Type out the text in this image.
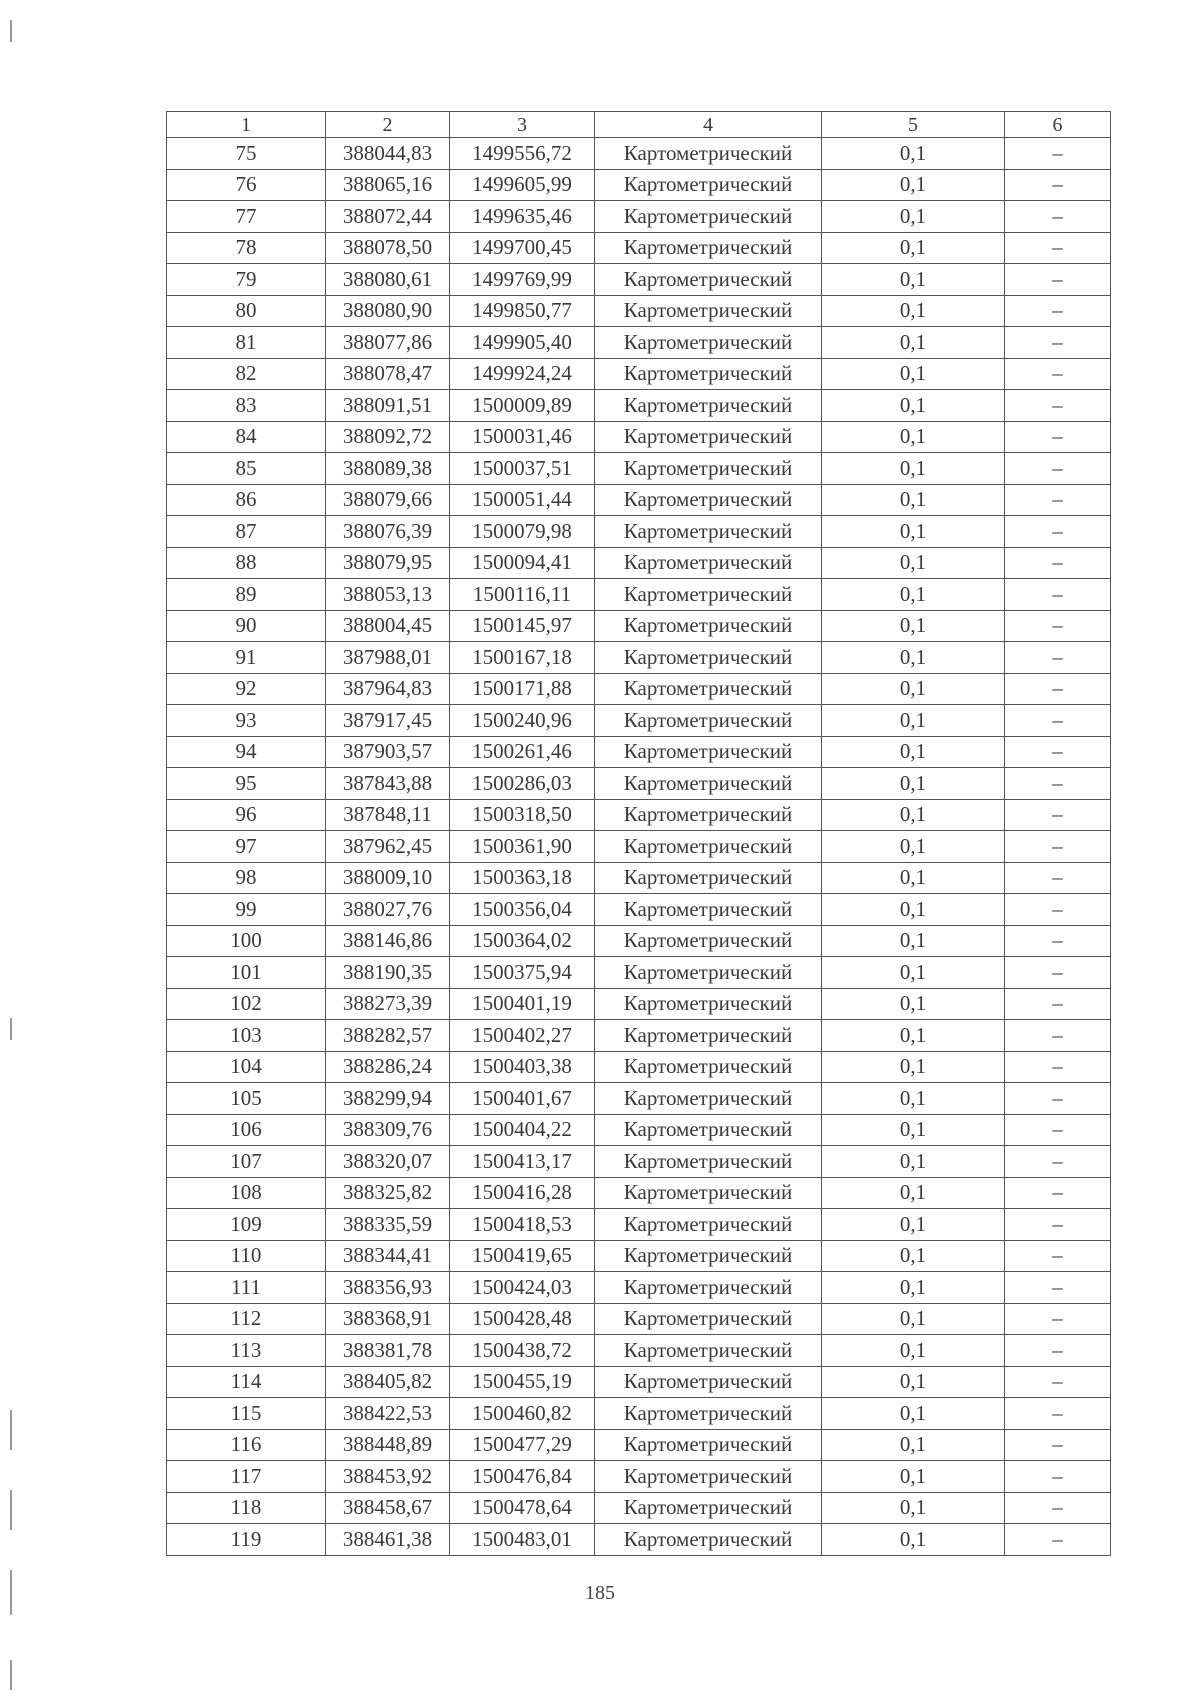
1	2	3	4	5	6
75	388044,83	1499556,72	Картометрический	0,1	–
76	388065,16	1499605,99	Картометрический	0,1	–
77	388072,44	1499635,46	Картометрический	0,1	–
78	388078,50	1499700,45	Картометрический	0,1	–
79	388080,61	1499769,99	Картометрический	0,1	–
80	388080,90	1499850,77	Картометрический	0,1	–
81	388077,86	1499905,40	Картометрический	0,1	–
82	388078,47	1499924,24	Картометрический	0,1	–
83	388091,51	1500009,89	Картометрический	0,1	–
84	388092,72	1500031,46	Картометрический	0,1	–
85	388089,38	1500037,51	Картометрический	0,1	–
86	388079,66	1500051,44	Картометрический	0,1	–
87	388076,39	1500079,98	Картометрический	0,1	–
88	388079,95	1500094,41	Картометрический	0,1	–
89	388053,13	1500116,11	Картометрический	0,1	–
90	388004,45	1500145,97	Картометрический	0,1	–
91	387988,01	1500167,18	Картометрический	0,1	–
92	387964,83	1500171,88	Картометрический	0,1	–
93	387917,45	1500240,96	Картометрический	0,1	–
94	387903,57	1500261,46	Картометрический	0,1	–
95	387843,88	1500286,03	Картометрический	0,1	–
96	387848,11	1500318,50	Картометрический	0,1	–
97	387962,45	1500361,90	Картометрический	0,1	–
98	388009,10	1500363,18	Картометрический	0,1	–
99	388027,76	1500356,04	Картометрический	0,1	–
100	388146,86	1500364,02	Картометрический	0,1	–
101	388190,35	1500375,94	Картометрический	0,1	–
102	388273,39	1500401,19	Картометрический	0,1	–
103	388282,57	1500402,27	Картометрический	0,1	–
104	388286,24	1500403,38	Картометрический	0,1	–
105	388299,94	1500401,67	Картометрический	0,1	–
106	388309,76	1500404,22	Картометрический	0,1	–
107	388320,07	1500413,17	Картометрический	0,1	–
108	388325,82	1500416,28	Картометрический	0,1	–
109	388335,59	1500418,53	Картометрический	0,1	–
110	388344,41	1500419,65	Картометрический	0,1	–
111	388356,93	1500424,03	Картометрический	0,1	–
112	388368,91	1500428,48	Картометрический	0,1	–
113	388381,78	1500438,72	Картометрический	0,1	–
114	388405,82	1500455,19	Картометрический	0,1	–
115	388422,53	1500460,82	Картометрический	0,1	–
116	388448,89	1500477,29	Картометрический	0,1	–
117	388453,92	1500476,84	Картометрический	0,1	–
118	388458,67	1500478,64	Картометрический	0,1	–
119	388461,38	1500483,01	Картометрический	0,1	–
185
